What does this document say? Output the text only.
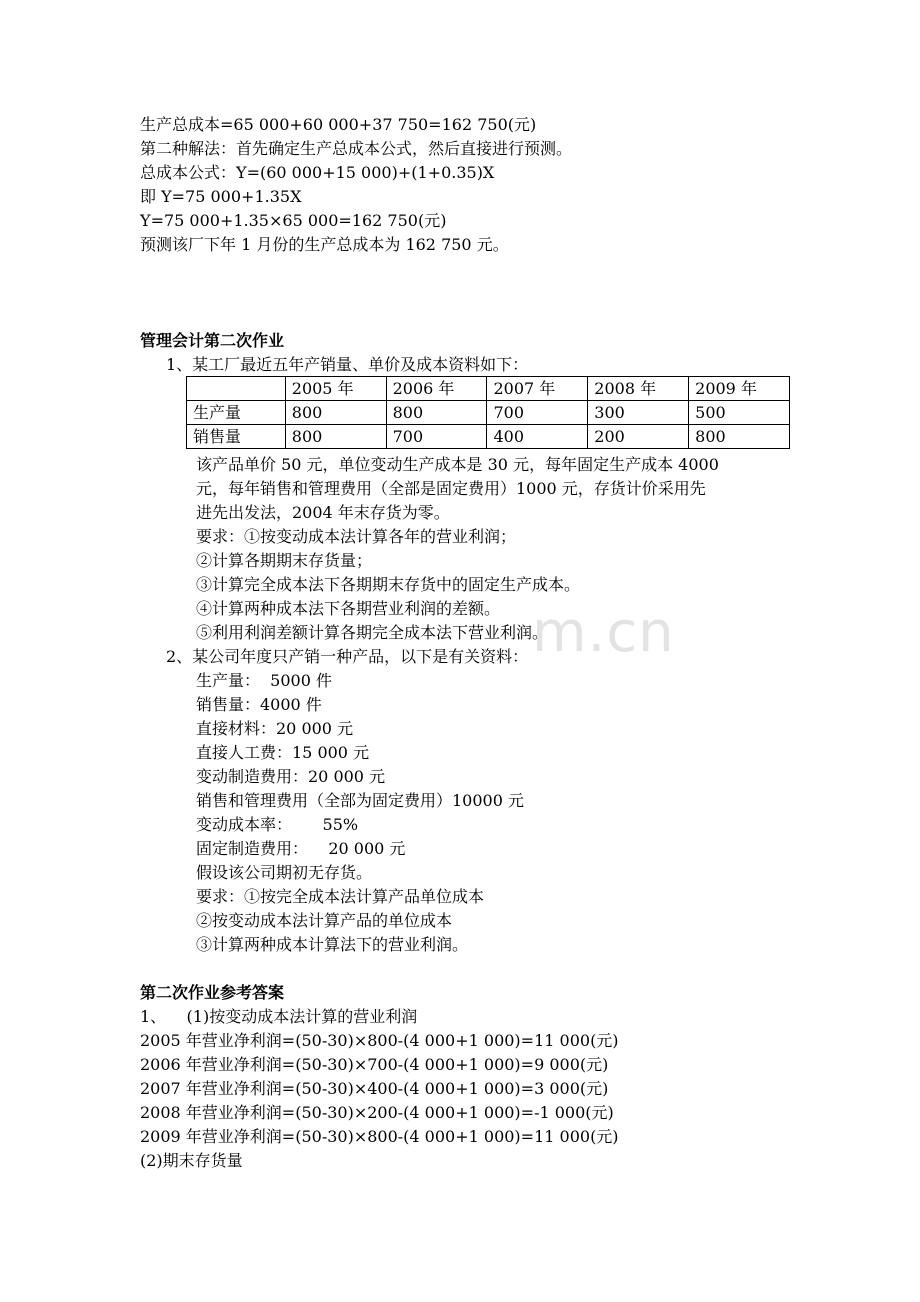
生产总成本=65 000+60 000+37 750=162 750(元)
第二种解法：首先确定生产总成本公式，然后直接进行预测。
总成本公式：Y=(60 000+15 000)+(1+0.35)X
即 Y=75 000+1.35X
Y=75 000+1.35×65 000=162 750(元)
预测该厂下年 1 月份的生产总成本为 162 750 元。
管理会计第二次作业
1、某工厂最近五年产销量、单价及成本资料如下：
	2005 年	2006 年	2007 年	2008 年	2009 年
生产量	800	800	700	300	500
销售量	800	700	400	200	800
该产品单价 50 元，单位变动生产成本是 30 元，每年固定生产成本 4000
元，每年销售和管理费用（全部是固定费用）1000 元，存货计价采用先
进先出发法，2004 年末存货为零。
要求：①按变动成本法计算各年的营业利润；
②计算各期期末存货量；
③计算完全成本法下各期期末存货中的固定生产成本。
④计算两种成本法下各期营业利润的差额。
⑤利用利润差额计算各期完全成本法下营业利润。
2、某公司年度只产销一种产品，以下是有关资料：
生产量：  5000 件
销售量：4000 件
直接材料：20 000 元
直接人工费：15 000 元
变动制造费用：20 000 元
销售和管理费用（全部为固定费用）10000 元
变动成本率：      55%
固定制造费用：    20 000 元
假设该公司期初无存货。
要求：①按完全成本法计算产品单位成本
②按变动成本法计算产品的单位成本
③计算两种成本计算法下的营业利润。
第二次作业参考答案
1、    (1)按变动成本法计算的营业利润
2005 年营业净利润=(50-30)×800-(4 000+1 000)=11 000(元)
2006 年营业净利润=(50-30)×700-(4 000+1 000)=9 000(元)
2007 年营业净利润=(50-30)×400-(4 000+1 000)=3 000(元)
2008 年营业净利润=(50-30)×200-(4 000+1 000)=-1 000(元)
2009 年营业净利润=(50-30)×800-(4 000+1 000)=11 000(元)
(2)期末存货量
m.cn
